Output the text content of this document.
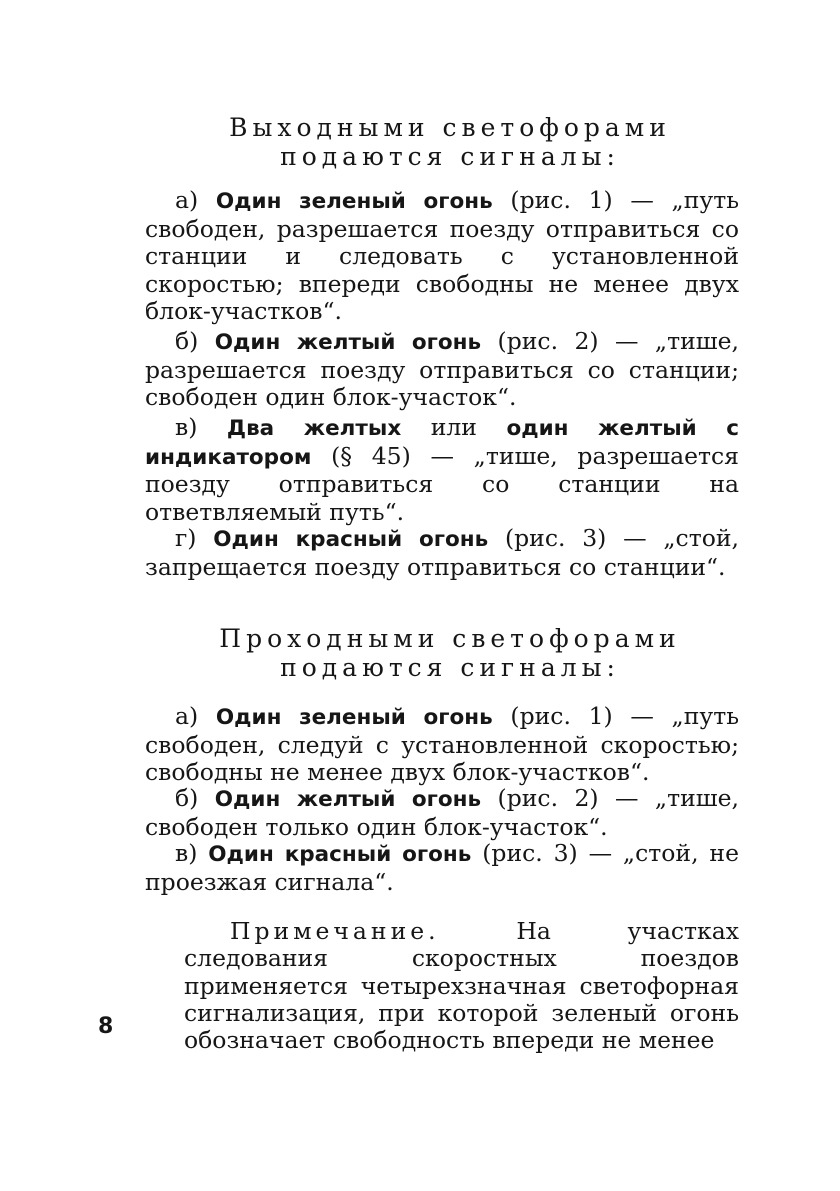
Выходными светофорами
подаются сигналы:

а) Один зеленый огонь (рис. 1) — „путь свободен, разрешается поезду отправиться со станции и следовать с установленной скоростью; впереди свободны не менее двух блок-участков“.

б) Один желтый огонь (рис. 2) — „тише, разрешается поезду отправиться со станции; свободен один блок-участок“.

в) Два желтых или один желтый с индикатором (§ 45) — „тише, разрешается поезду отправиться со станции на ответвляемый путь“.

г) Один красный огонь (рис. 3) — „стой, запрещается поезду отправиться со станции“.

Проходными светофорами
подаются сигналы:

а) Один зеленый огонь (рис. 1) — „путь свободен, следуй с установленной скоростью; свободны не менее двух блок-участков“.

б) Один желтый огонь (рис. 2) — „тише, свободен только один блок-участок“.

в) Один красный огонь (рис. 3) — „стой, не проезжая сигнала“.

Примечание. На участках следования скоростных поездов применяется четырехзначная светофорная сигнализация, при которой зеленый огонь обозначает свободность впереди не менее

8
